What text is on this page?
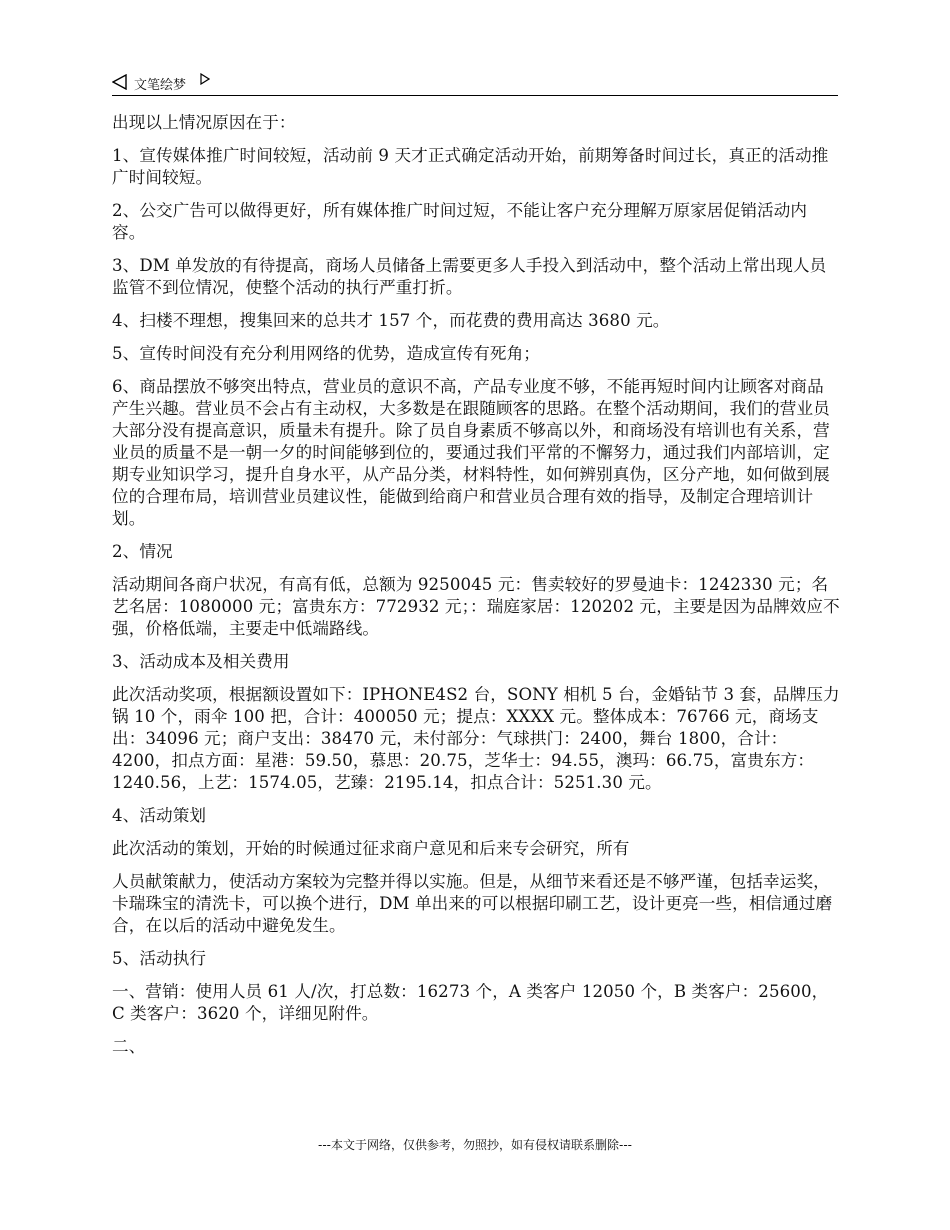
文笔绘梦

出现以上情况原因在于：

1、宣传媒体推广时间较短，活动前 9 天才正式确定活动开始，前期筹备时间过长，真正的活动推广时间较短。

2、公交广告可以做得更好，所有媒体推广时间过短，不能让客户充分理解万原家居促销活动内容。

3、DM 单发放的有待提高，商场人员储备上需要更多人手投入到活动中，整个活动上常出现人员监管不到位情况，使整个活动的执行严重打折。

4、扫楼不理想，搜集回来的总共才 157 个，而花费的费用高达 3680 元。

5、宣传时间没有充分利用网络的优势，造成宣传有死角；

6、商品摆放不够突出特点，营业员的意识不高，产品专业度不够，不能再短时间内让顾客对商品产生兴趣。营业员不会占有主动权，大多数是在跟随顾客的思路。在整个活动期间，我们的营业员大部分没有提高意识，质量未有提升。除了员自身素质不够高以外，和商场没有培训也有关系，营业员的质量不是一朝一夕的时间能够到位的，要通过我们平常的不懈努力，通过我们内部培训，定期专业知识学习，提升自身水平，从产品分类，材料特性，如何辨别真伪，区分产地，如何做到展位的合理布局，培训营业员建议性，能做到给商户和营业员合理有效的指导，及制定合理培训计划。

2、情况

活动期间各商户状况，有高有低，总额为 9250045 元：售卖较好的罗曼迪卡：1242330 元；名艺名居：1080000 元；富贵东方：772932 元；：瑞庭家居：120202 元，主要是因为品牌效应不强，价格低端，主要走中低端路线。

3、活动成本及相关费用

此次活动奖项，根据额设置如下：IPHONE4S2 台，SONY 相机 5 台，金婚钻节 3 套，品牌压力锅 10 个，雨伞 100 把，合计：400050 元；提点：XXXX 元。整体成本：76766 元，商场支出：34096 元；商户支出：38470 元，未付部分：气球拱门：2400，舞台 1800，合计：4200，扣点方面：星港：59.50，慕思：20.75，芝华士：94.55，澳玛：66.75，富贵东方：1240.56，上艺：1574.05，艺臻：2195.14，扣点合计：5251.30 元。

4、活动策划

此次活动的策划，开始的时候通过征求商户意见和后来专会研究，所有

人员献策献力，使活动方案较为完整并得以实施。但是，从细节来看还是不够严谨，包括幸运奖，卡瑞珠宝的清洗卡，可以换个进行，DM 单出来的可以根据印刷工艺，设计更亮一些，相信通过磨合，在以后的活动中避免发生。

5、活动执行

一、营销：使用人员 61 人/次，打总数：16273 个，A 类客户 12050 个，B 类客户：25600，C 类客户：3620 个，详细见附件。

二、

---本文于网络，仅供参考，勿照抄，如有侵权请联系删除---
